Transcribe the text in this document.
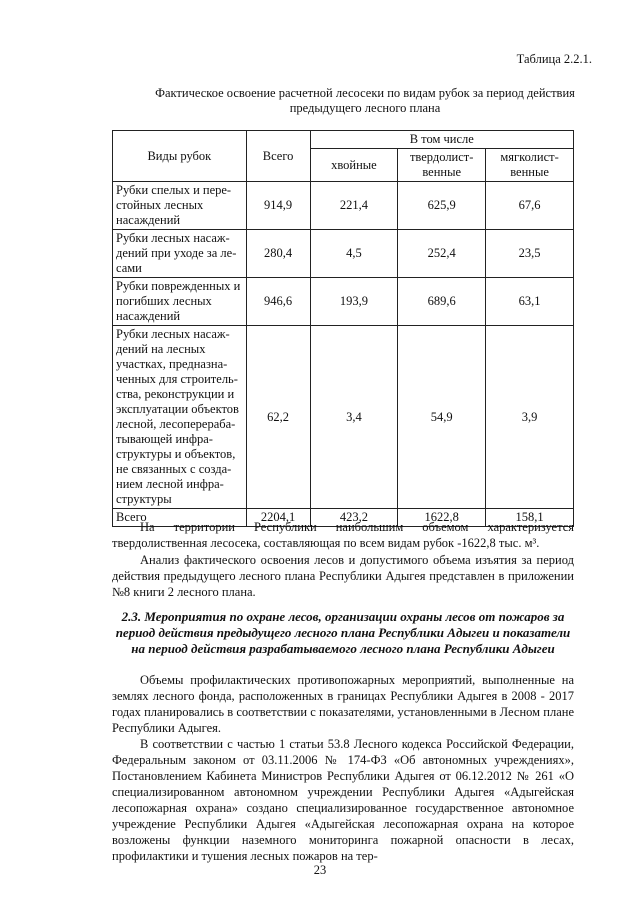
Таблица 2.2.1.
Фактическое освоение расчетной лесосеки по видам рубок за период действия предыдущего лесного плана
Виды рубок	Всего	В том числе		
		хвойные	твердолист-венные	мягколист-венные
Рубки спелых и пере-стойных лесных насаждений	914,9	221,4	625,9	67,6
Рубки лесных насаж-дений при уходе за ле-сами	280,4	4,5	252,4	23,5
Рубки поврежденных и погибших лесных насаждений	946,6	193,9	689,6	63,1
Рубки лесных насаж-дений на лесных участках, предназна-ченных для строитель-ства, реконструкции и эксплуатации объектов лесной, лесоперераба-тывающей инфра-структуры и объектов, не связанных с созда-нием лесной инфра-структуры	62,2	3,4	54,9	3,9
Всего	2204,1	423,2	1622,8	158,1

На территории Республики наибольшим объемом характеризуется твердолиственная лесосека, составляющая по всем видам рубок -1622,8 тыс. м³.

Анализ фактического освоения лесов и допустимого объема изъятия за период действия предыдущего лесного плана Республики Адыгея представлен в приложении №8 книги 2 лесного плана.

2.3. Мероприятия по охране лесов, организации охраны лесов от пожаров за период действия предыдущего лесного плана Республики Адыгеи и показатели на период действия разрабатываемого лесного плана Республики Адыгеи

Объемы профилактических противопожарных мероприятий, выполненные на землях лесного фонда, расположенных в границах Республики Адыгея в 2008 - 2017 годах планировались в соответствии с показателями, установленными в Лесном плане Республики Адыгея.

В соответствии с частью 1 статьи 53.8 Лесного кодекса Российской Федерации, Федеральным законом от 03.11.2006 № 174-ФЗ «Об автономных учреждениях», Постановлением Кабинета Министров Республики Адыгея от 06.12.2012 № 261 «О специализированном автономном учреждении Республики Адыгея «Адыгейская лесопожарная охрана» создано специализированное государственное автономное учреждение Республики Адыгея «Адыгейская лесопожарная охрана на которое возложены функции наземного мониторинга пожарной опасности в лесах, профилактики и тушения лесных пожаров на тер-

23
